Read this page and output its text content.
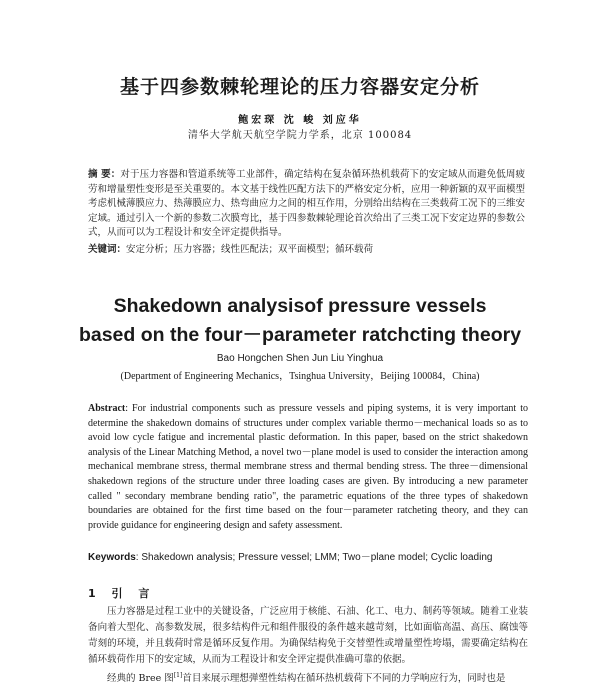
基于四参数棘轮理论的压力容器安定分析
鲍宏琛 沈 峻 刘应华
清华大学航天航空学院力学系，北京 100084
摘 要：对于压力容器和管道系统等工业部件，确定结构在复杂循环热机载荷下的安定域从而避免低周疲劳和增量塑性变形是至关重要的。本文基于线性匹配方法下的严格安定分析，应用一种新颖的双平面模型考虑机械薄膜应力、热薄膜应力、热弯曲应力之间的相互作用，分别给出结构在三类载荷工况下的三维安定域。通过引入一个新的参数二次膜弯比，基于四参数棘轮理论首次给出了三类工况下安定边界的参数公式，从而可以为工程设计和安全评定提供指导。
关键词：安定分析；压力容器；线性匹配法；双平面模型；循环载荷
Shakedown analysisof pressure vessels
based on the four－parameter ratchcting theory
Bao Hongchen Shen Jun Liu Yinghua
(Department of Engineering Mechanics，Tsinghua University，Beijing 100084，China)
Abstract: For industrial components such as pressure vessels and piping systems, it is very important to determine the shakedown domains of structures under complex variable thermo－mechanical loads so as to avoid low cycle fatigue and incremental plastic deformation. In this paper, based on the strict shakedown analysis of the Linear Matching Method, a novel two－plane model is used to consider the interaction among mechanical membrane stress, thermal membrane stress and thermal bending stress. The three－dimensional shakedown regions of the structure under three loading cases are given. By introducing a new parameter called " secondary membrane bending ratio", the parametric equations of the three types of shakedown boundaries are obtained for the first time based on the four－parameter ratcheting theory, and they can provide guidance for engineering design and safety assessment.
Keywords: Shakedown analysis; Pressure vessel; LMM; Two－plane model; Cyclic loading
1 引 言

压力容器是过程工业中的关键设备，广泛应用于核能、石油、化工、电力、制药等领域。随着工业装备向着大型化、高参数发展，很多结构件元和组件服役的条件越来越苛刻，比如面临高温、高压、腐蚀等苛刻的环境，并且载荷时常是循环反复作用。为确保结构免于交替塑性或增量塑性垮塌，需要确定结构在循环载荷作用下的安定域，从而为工程设计和安全评定提供准确可靠的依据。

经典的 Bree 图[1]首目来展示理想弹塑性结构在循环热机载荷下不同的力学响应行为，同时也是
